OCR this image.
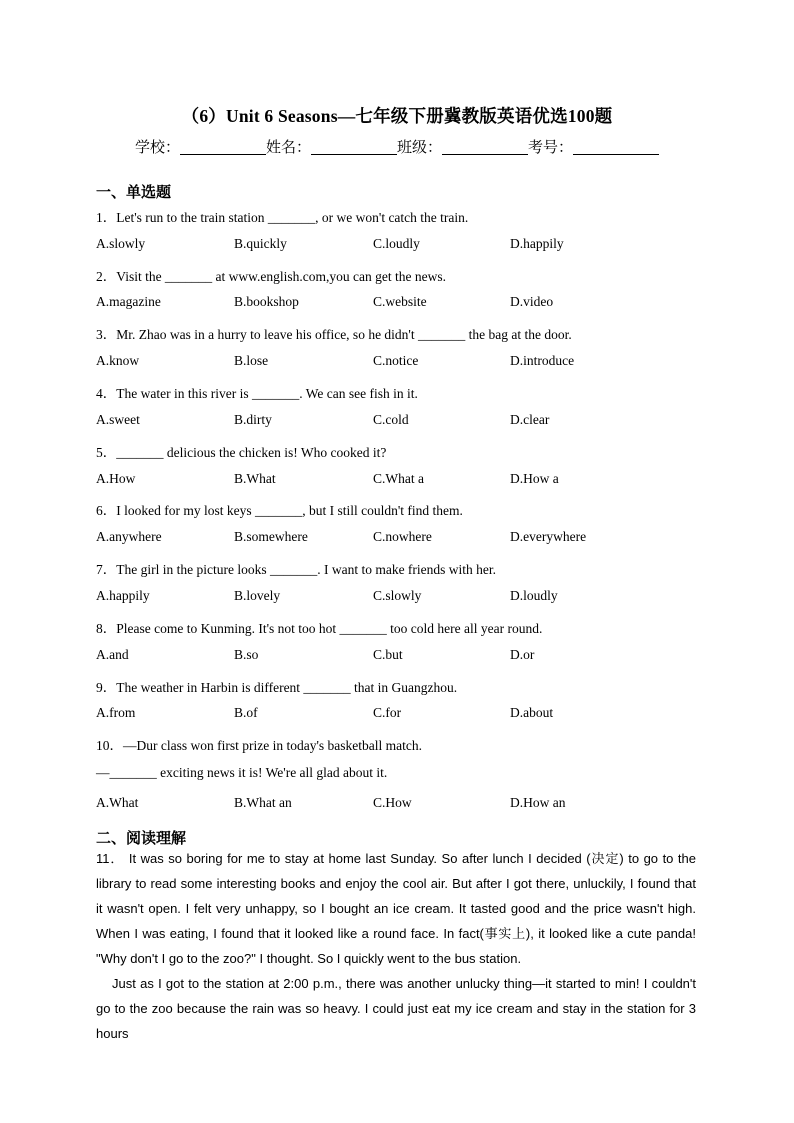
（6）Unit 6 Seasons—七年级下册冀教版英语优选100题
学校：	姓名：	班级：	考号：
一、单选题
1．Let's run to the train station _______, or we won't catch the train.
A.slowly	B.quickly	C.loudly	D.happily
2．Visit the _______ at www.english.com,you can get the news.
A.magazine	B.bookshop	C.website	D.video
3．Mr. Zhao was in a hurry to leave his office, so he didn't _______ the bag at the door.
A.know	B.lose	C.notice	D.introduce
4．The water in this river is _______. We can see fish in it.
A.sweet	B.dirty	C.cold	D.clear
5．_______ delicious the chicken is! Who cooked it?
A.How	B.What	C.What a	D.How a
6．I looked for my lost keys _______, but I still couldn't find them.
A.anywhere	B.somewhere	C.nowhere	D.everywhere
7．The girl in the picture looks _______. I want to make friends with her.
A.happily	B.lovely	C.slowly	D.loudly
8．Please come to Kunming. It's not too hot _______ too cold here all year round.
A.and	B.so	C.but	D.or
9．The weather in Harbin is different _______ that in Guangzhou.
A.from	B.of	C.for	D.about
10．—Dur class won first prize in today's basketball match.
—_______ exciting news it is! We're all glad about it.
A.What	B.What an	C.How	D.How an
二、阅读理解
11． It was so boring for me to stay at home last Sunday. So after lunch I decided (决定) to go to the library to read some interesting books and enjoy the cool air. But after I got there, unluckily, I found that it wasn't open. I felt very unhappy, so I bought an ice cream. It tasted good and the price wasn't high. When I was eating, I found that it looked like a round face. In fact(事实上), it looked like a cute panda! "Why don't I go to the zoo?" I thought. So I quickly went to the bus station.
Just as I got to the station at 2:00 p.m., there was another unlucky thing—it started to min! I couldn't go to the zoo because the rain was so heavy. I could just eat my ice cream and stay in the station for 3 hours
